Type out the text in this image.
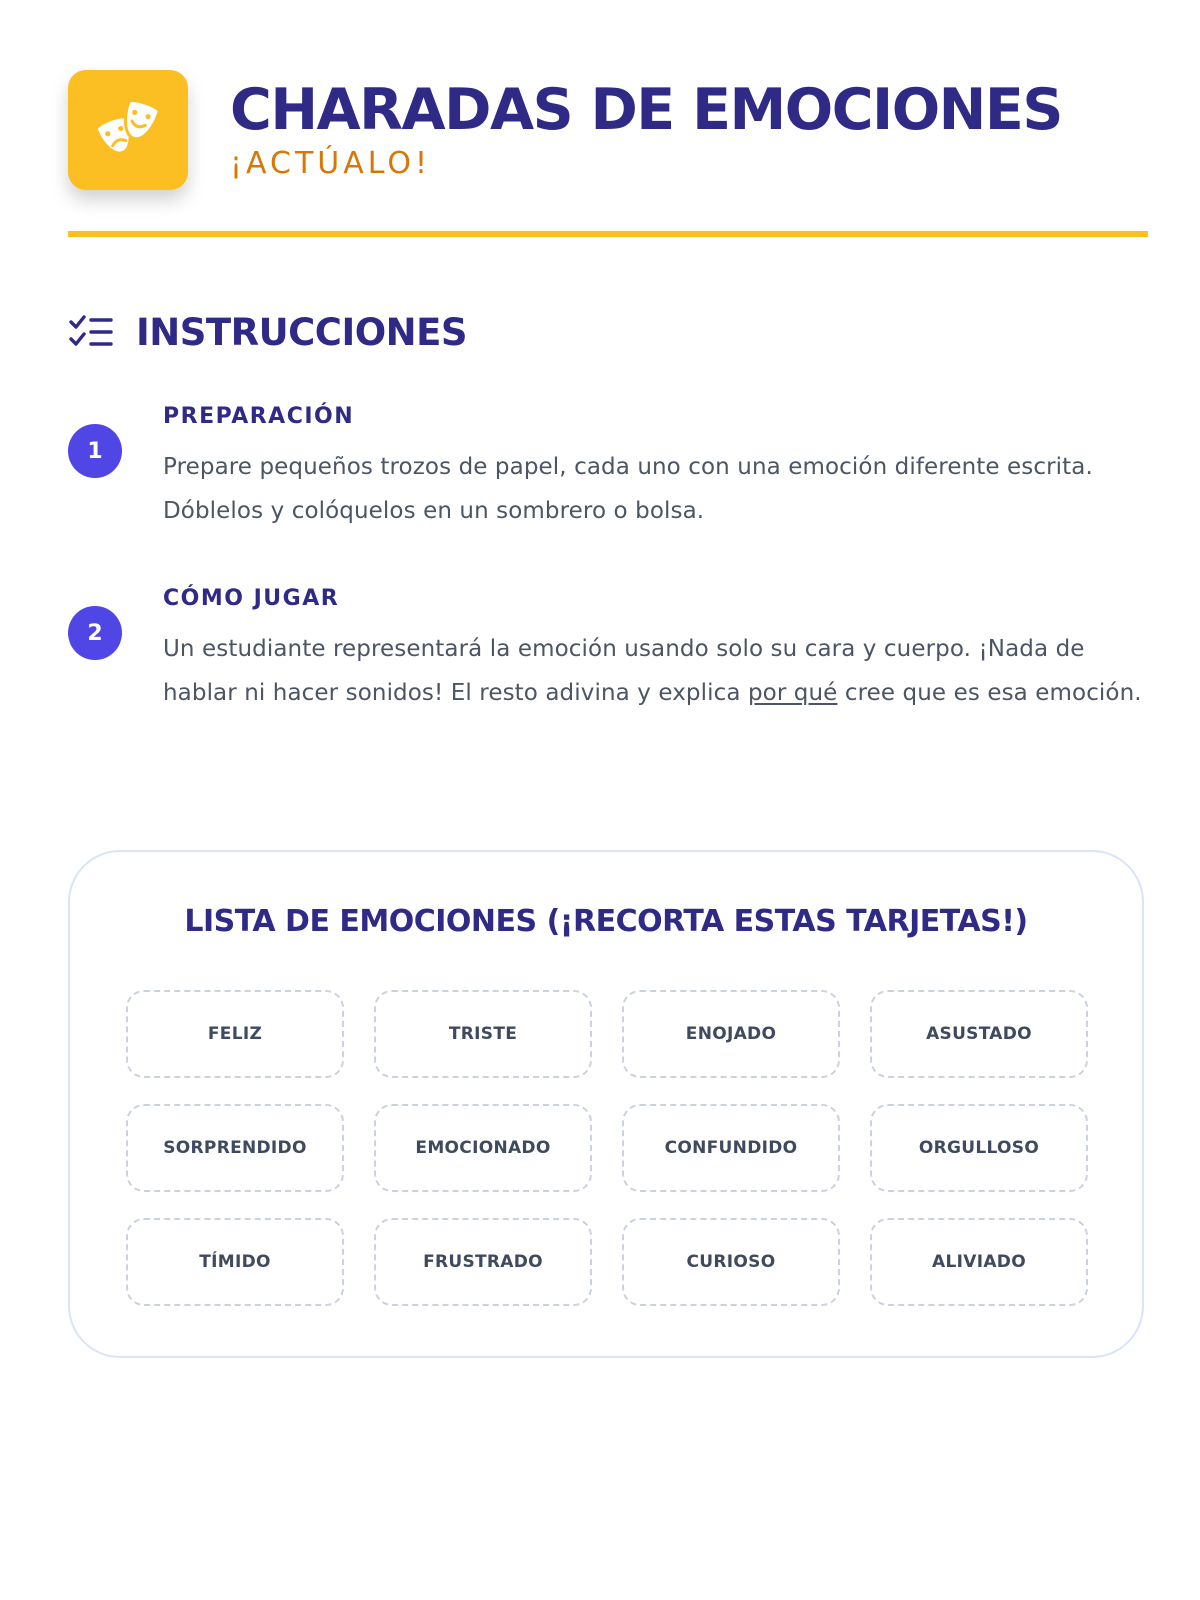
CHARADAS DE EMOCIONES

¡ACTÚALO!

INSTRUCCIONES
1
PREPARACIÓN

Prepare pequeños trozos de papel, cada uno con una emoción diferente escrita. Dóblelos y colóquelos en un sombrero o bolsa.

2
CÓMO JUGAR

Un estudiante representará la emoción usando solo su cara y cuerpo. ¡Nada de hablar ni hacer sonidos! El resto adivina y explica por qué cree que es esa emoción.

LISTA DE EMOCIONES (¡RECORTA ESTAS TARJETAS!)
FELIZ	TRISTE	ENOJADO	ASUSTADO
SORPRENDIDO	EMOCIONADO	CONFUNDIDO	ORGULLOSO
TÍMIDO	FRUSTRADO	CURIOSO	ALIVIADO
